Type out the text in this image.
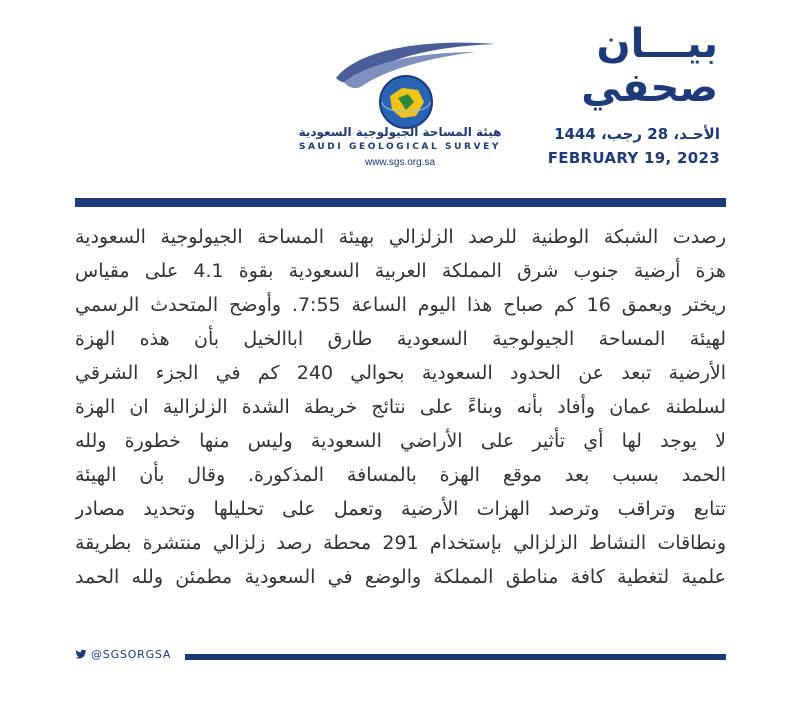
بيـــان
صحفي
الأحـد، 28 رجب، 1444
FEBRUARY 19, 2023
هيئة المساحة الجيولوجية السعودية
SAUDI GEOLOGICAL SURVEY
www.sgs.org.sa
رصدت الشبكة الوطنية للرصد الزلزالي بهيئة المساحة الجيولوجية السعودية
هزة أرضية جنوب شرق المملكة العربية السعودية بقوة 4.1 على مقياس
ريختر وبعمق 16 كم صباح هذا اليوم الساعة 7:55. وأوضح المتحدث الرسمي
لهيئة المساحة الجيولوجية السعودية طارق اباالخيل بأن هذه الهزة
الأرضية تبعد عن الحدود السعودية بحوالي 240 كم في الجزء الشرقي
لسلطنة عمان وأفاد بأنه وبناءً على نتائج خريطة الشدة الزلزالية ان الهزة
لا يوجد لها أي تأثير على الأراضي السعودية وليس منها خطورة ولله
الحمد بسبب بعد موقع الهزة بالمسافة المذكورة. وقال بأن الهيئة
تتابع وتراقب وترصد الهزات الأرضية وتعمل على تحليلها وتحديد مصادر
ونطاقات النشاط الزلزالي بإستخدام 291 محطة رصد زلزالي منتشرة بطريقة
علمية لتغطية كافة مناطق المملكة والوضع في السعودية مطمئن ولله الحمد
@SGSORGSA
